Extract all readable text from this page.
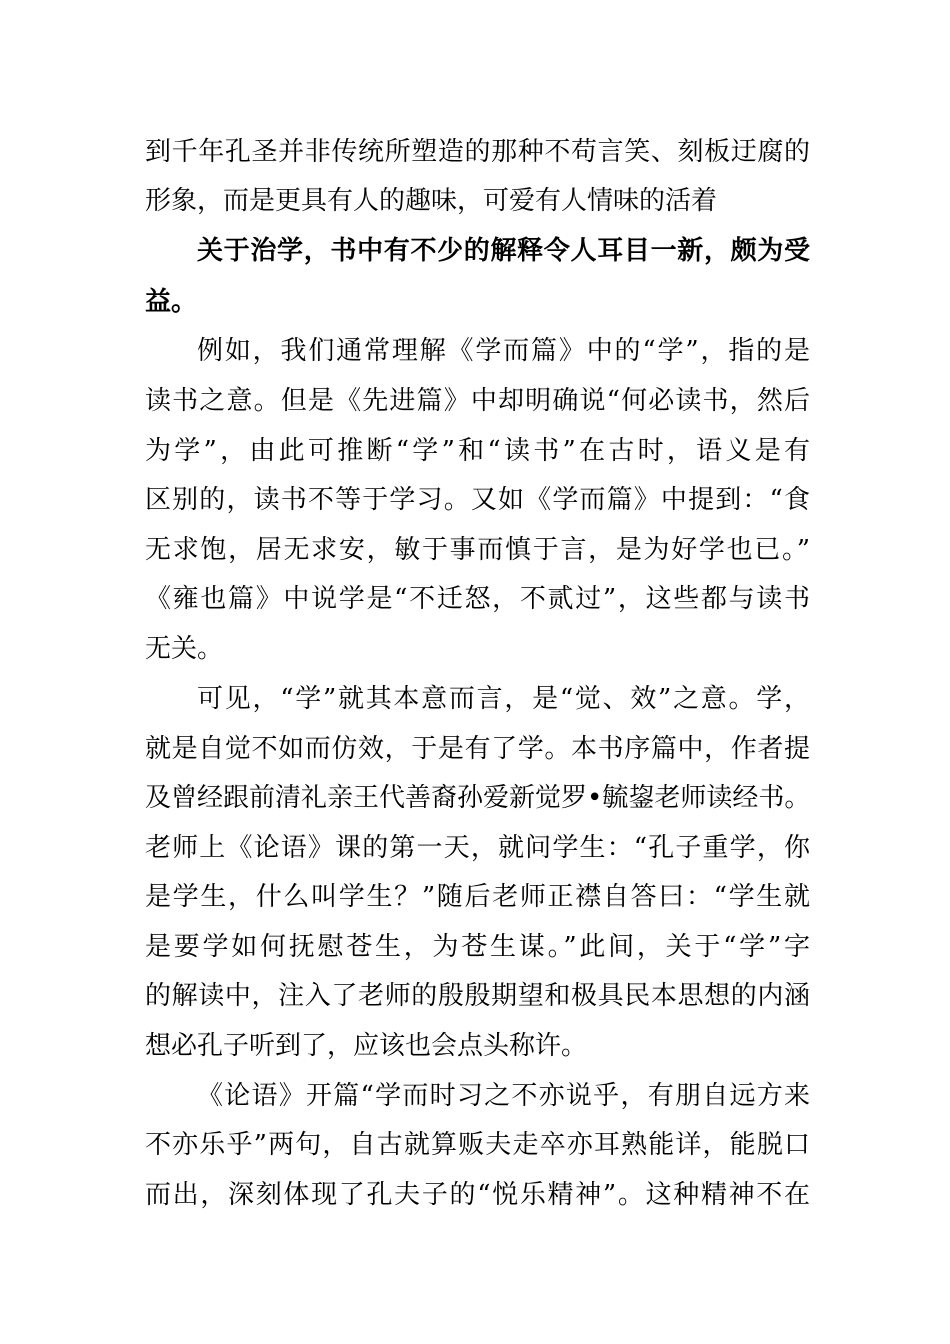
到千年孔圣并非传统所塑造的那种不苟言笑、刻板迂腐的
形象，而是更具有人的趣味，可爱有人情味的活着
关于治学，书中有不少的解释令人耳目一新，颇为受
益。
例如，我们通常理解《学而篇》中的“学”，指的是
读书之意。但是《先进篇》中却明确说“何必读书，然后
为学”，由此可推断“学”和“读书”在古时，语义是有
区别的，读书不等于学习。又如《学而篇》中提到：“食
无求饱，居无求安，敏于事而慎于言，是为好学也已。”
《雍也篇》中说学是“不迁怒，不贰过”，这些都与读书
无关。
可见，“学”就其本意而言，是“觉、效”之意。学，
就是自觉不如而仿效，于是有了学。本书序篇中，作者提
及曾经跟前清礼亲王代善裔孙爱新觉罗•毓鋆老师读经书。
老师上《论语》课的第一天，就问学生：“孔子重学，你
是学生，什么叫学生？”随后老师正襟自答曰：“学生就
是要学如何抚慰苍生，为苍生谋。”此间，关于“学”字
的解读中，注入了老师的殷殷期望和极具民本思想的内涵
想必孔子听到了，应该也会点头称许。
《论语》开篇“学而时习之不亦说乎，有朋自远方来
不亦乐乎”两句，自古就算贩夫走卒亦耳熟能详，能脱口
而出，深刻体现了孔夫子的“悦乐精神”。这种精神不在
